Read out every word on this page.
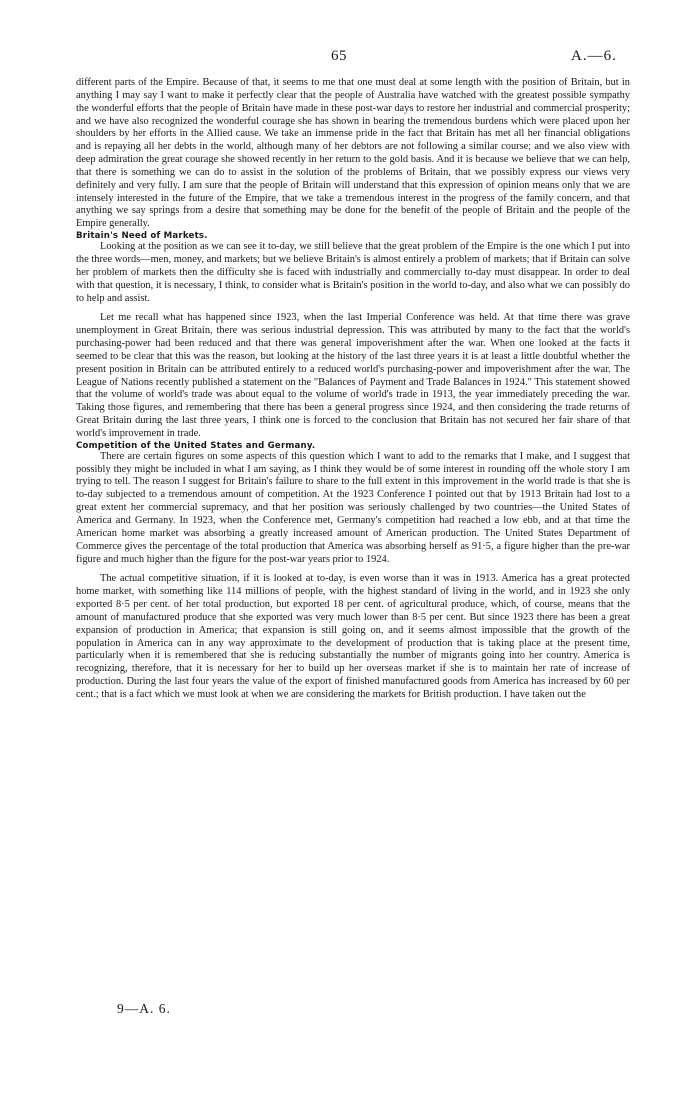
65	A.—6.

different parts of the Empire. Because of that, it seems to me that one must deal at some length with the position of Britain, but in anything I may say I want to make it perfectly clear that the people of Australia have watched with the greatest possible sympathy the wonderful efforts that the people of Britain have made in these post-war days to restore her industrial and commercial prosperity; and we have also recognized the wonderful courage she has shown in bearing the tremendous burdens which were placed upon her shoulders by her efforts in the Allied cause. We take an immense pride in the fact that Britain has met all her financial obligations and is repaying all her debts in the world, although many of her debtors are not following a similar course; and we also view with deep admiration the great courage she showed recently in her return to the gold basis. And it is because we believe that we can help, that there is something we can do to assist in the solution of the problems of Britain, that we possibly express our views very definitely and very fully. I am sure that the people of Britain will understand that this expression of opinion means only that we are intensely interested in the future of the Empire, that we take a tremendous interest in the progress of the family concern, and that anything we say springs from a desire that something may be done for the benefit of the people of Britain and the people of the Empire generally.

Britain's Need of Markets.

Looking at the position as we can see it to-day, we still believe that the great problem of the Empire is the one which I put into the three words—men, money, and markets; but we believe Britain's is almost entirely a problem of markets; that if Britain can solve her problem of markets then the difficulty she is faced with industrially and commercially to-day must disappear. In order to deal with that question, it is necessary, I think, to consider what is Britain's position in the world to-day, and also what we can possibly do to help and assist.

Let me recall what has happened since 1923, when the last Imperial Conference was held. At that time there was grave unemployment in Great Britain, there was serious industrial depression. This was attributed by many to the fact that the world's purchasing-power had been reduced and that there was general impoverishment after the war. When one looked at the facts it seemed to be clear that this was the reason, but looking at the history of the last three years it is at least a little doubtful whether the present position in Britain can be attributed entirely to a reduced world's purchasing-power and impoverishment after the war. The League of Nations recently published a statement on the "Balances of Payment and Trade Balances in 1924." This statement showed that the volume of world's trade was about equal to the volume of world's trade in 1913, the year immediately preceding the war. Taking those figures, and remembering that there has been a general progress since 1924, and then considering the trade returns of Great Britain during the last three years, I think one is forced to the conclusion that Britain has not secured her fair share of that world's improvement in trade.

Competition of the United States and Germany.

There are certain figures on some aspects of this question which I want to add to the remarks that I make, and I suggest that possibly they might be included in what I am saying, as I think they would be of some interest in rounding off the whole story I am trying to tell. The reason I suggest for Britain's failure to share to the full extent in this improvement in the world trade is that she is to-day subjected to a tremendous amount of competition. At the 1923 Conference I pointed out that by 1913 Britain had lost to a great extent her commercial supremacy, and that her position was seriously challenged by two countries—the United States of America and Germany. In 1923, when the Conference met, Germany's competition had reached a low ebb, and at that time the American home market was absorbing a greatly increased amount of American production. The United States Department of Commerce gives the percentage of the total production that America was absorbing herself as 91·5, a figure higher than the pre-war figure and much higher than the figure for the post-war years prior to 1924.

The actual competitive situation, if it is looked at to-day, is even worse than it was in 1913. America has a great protected home market, with something like 114 millions of people, with the highest standard of living in the world, and in 1923 she only exported 8·5 per cent. of her total production, but exported 18 per cent. of agricultural produce, which, of course, means that the amount of manufactured produce that she exported was very much lower than 8·5 per cent. But since 1923 there has been a great expansion of production in America; that expansion is still going on, and it seems almost impossible that the growth of the population in America can in any way approximate to the development of production that is taking place at the present time, particularly when it is remembered that she is reducing substantially the number of migrants going into her country. America is recognizing, therefore, that it is necessary for her to build up her overseas market if she is to maintain her rate of increase of production. During the last four years the value of the export of finished manufactured goods from America has increased by 60 per cent.; that is a fact which we must look at when we are considering the markets for British production. I have taken out the

9—A. 6.
